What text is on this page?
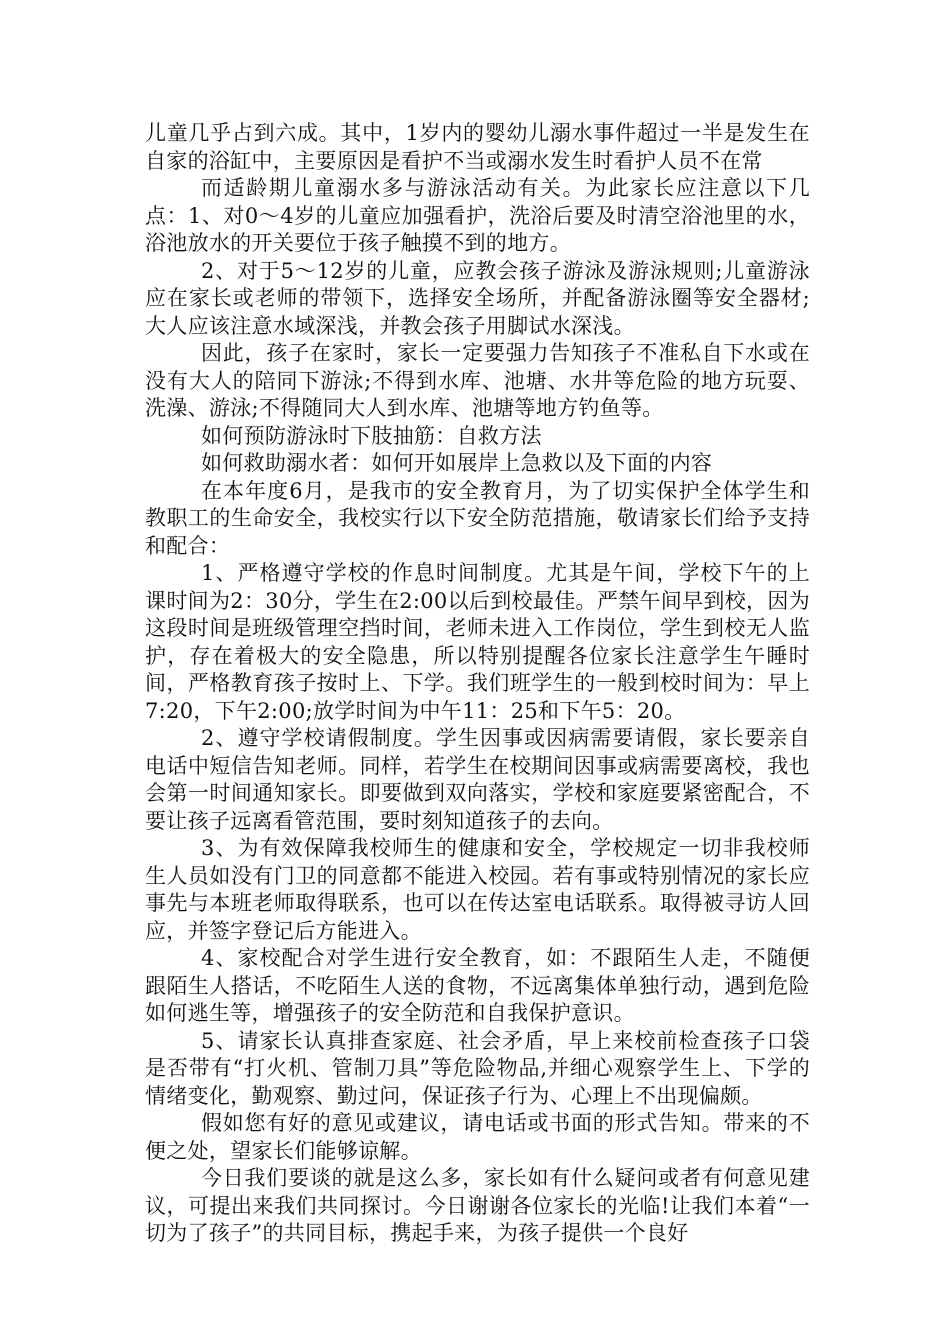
儿童几乎占到六成。其中，1岁内的婴幼儿溺水事件超过一半是发生在自家的浴缸中，主要原因是看护不当或溺水发生时看护人员不在常

而适龄期儿童溺水多与游泳活动有关。为此家长应注意以下几点：1、对0～4岁的儿童应加强看护，洗浴后要及时清空浴池里的水，浴池放水的开关要位于孩子触摸不到的地方。

2、对于5～12岁的儿童，应教会孩子游泳及游泳规则;儿童游泳应在家长或老师的带领下，选择安全场所，并配备游泳圈等安全器材;大人应该注意水域深浅，并教会孩子用脚试水深浅。

因此，孩子在家时，家长一定要强力告知孩子不准私自下水或在没有大人的陪同下游泳;不得到水库、池塘、水井等危险的地方玩耍、洗澡、游泳;不得随同大人到水库、池塘等地方钓鱼等。

如何预防游泳时下肢抽筋：自救方法

如何救助溺水者：如何开如展岸上急救以及下面的内容

在本年度6月，是我市的安全教育月，为了切实保护全体学生和教职工的生命安全，我校实行以下安全防范措施，敬请家长们给予支持和配合：

1、严格遵守学校的作息时间制度。尤其是午间，学校下午的上课时间为2：30分，学生在2:00以后到校最佳。严禁午间早到校，因为这段时间是班级管理空挡时间，老师未进入工作岗位，学生到校无人监护，存在着极大的安全隐患，所以特别提醒各位家长注意学生午睡时间，严格教育孩子按时上、下学。我们班学生的一般到校时间为：早上7:20，下午2:00;放学时间为中午11：25和下午5：20。

2、遵守学校请假制度。学生因事或因病需要请假，家长要亲自电话中短信告知老师。同样，若学生在校期间因事或病需要离校，我也会第一时间通知家长。即要做到双向落实，学校和家庭要紧密配合，不要让孩子远离看管范围，要时刻知道孩子的去向。

3、为有效保障我校师生的健康和安全，学校规定一切非我校师生人员如没有门卫的同意都不能进入校园。若有事或特别情况的家长应事先与本班老师取得联系，也可以在传达室电话联系。取得被寻访人回应，并签字登记后方能进入。

4、家校配合对学生进行安全教育，如：不跟陌生人走，不随便跟陌生人搭话，不吃陌生人送的食物，不远离集体单独行动，遇到危险如何逃生等，增强孩子的安全防范和自我保护意识。

5、请家长认真排查家庭、社会矛盾，早上来校前检查孩子口袋是否带有“打火机、管制刀具”等危险物品,并细心观察学生上、下学的情绪变化，勤观察、勤过问，保证孩子行为、心理上不出现偏颇。

假如您有好的意见或建议，请电话或书面的形式告知。带来的不便之处，望家长们能够谅解。

今日我们要谈的就是这么多，家长如有什么疑问或者有何意见建议，可提出来我们共同探讨。今日谢谢各位家长的光临!让我们本着“一切为了孩子”的共同目标，携起手来，为孩子提供一个良好
